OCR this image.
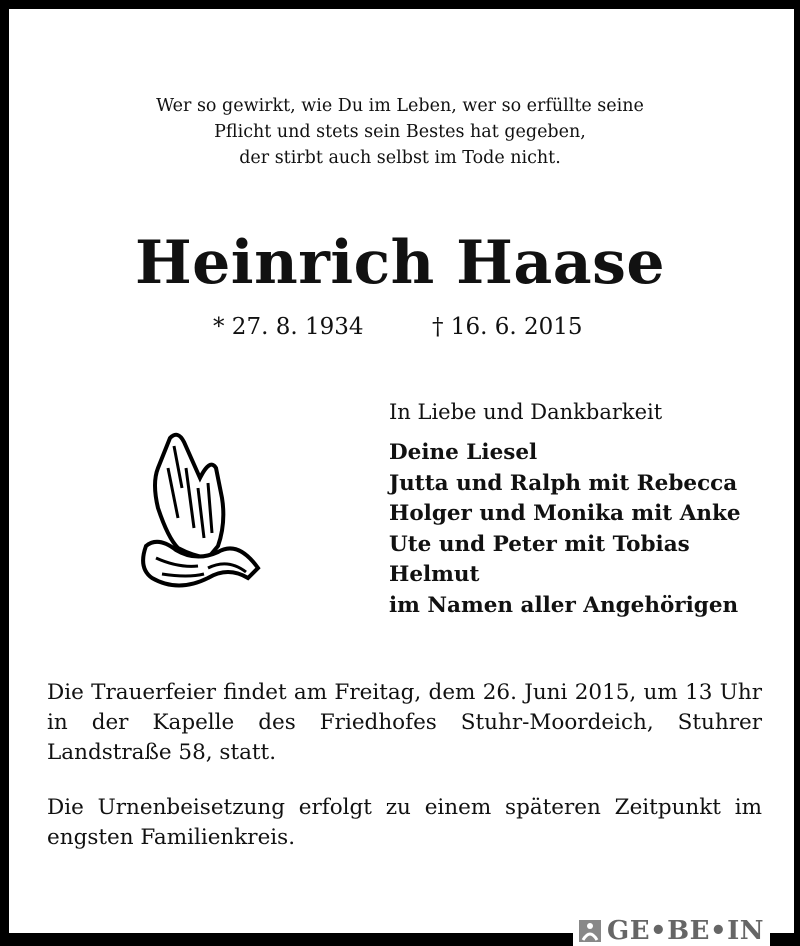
Wer so gewirkt, wie Du im Leben, wer so erfüllte seine
Pflicht und stets sein Bestes hat gegeben,
der stirbt auch selbst im Tode nicht.
Heinrich Haase
* 27. 8. 1934	† 16. 6. 2015
In Liebe und Dankbarkeit
Deine Liesel
Jutta und Ralph mit Rebecca
Holger und Monika mit Anke
Ute und Peter mit Tobias
Helmut
im Namen aller Angehörigen
Die Trauerfeier findet am Freitag, dem 26. Juni 2015, um 13 Uhr in der Kapelle des Friedhofes Stuhr-Moordeich, Stuhrer Landstraße 58, statt.
Die Urnenbeisetzung erfolgt zu einem späteren Zeitpunkt im engsten Familienkreis.
GE•BE•IN
